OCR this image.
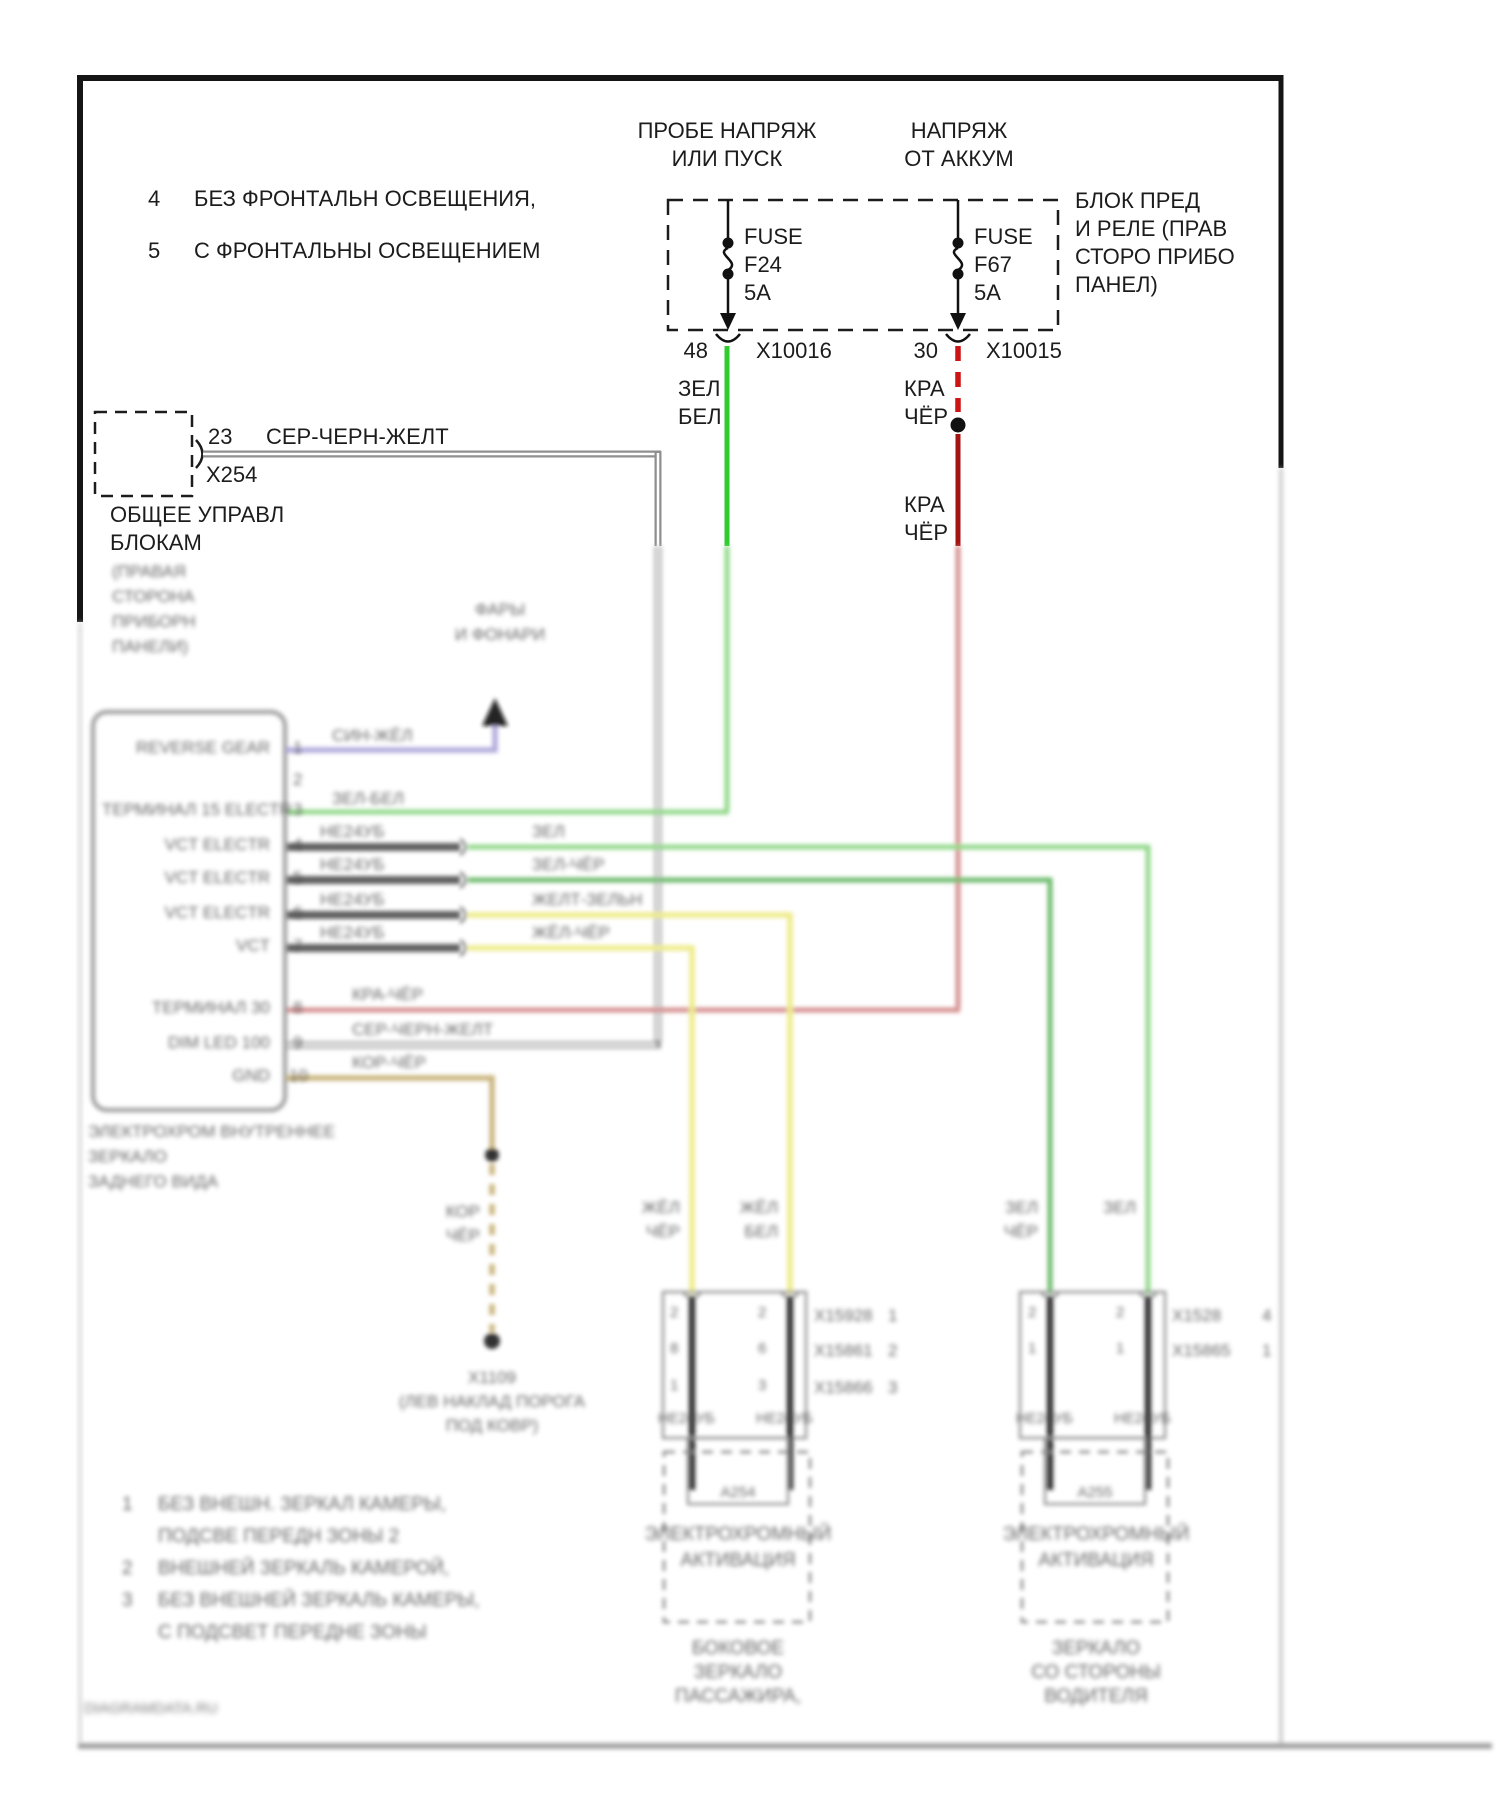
4 БЕЗ ФРОНТАЛЬН ОСВЕЩЕНИЯ,
5 С ФРОНТАЛЬНЫ ОСВЕЩЕНИЕМ
ПРОБЕ НАПРЯЖ
ИЛИ ПУСК
НАПРЯЖ
ОТ АККУМ
БЛОК ПРЕД
И РЕЛЕ (ПРАВ
СТОРО ПРИБО
ПАНЕЛ)
FUSE
F24
5A
FUSE
F67
5A
48 X10016	30 X10015
ЗЕЛ
БЕЛ
КРА
ЧЁР
КРА
ЧЁР
23 СЕР-ЧЕРН-ЖЕЛТ
X254
ОБЩЕЕ УПРАВЛ
БЛОКАМ
(ПРАВАЯ
СТОРОНА
ПРИБОРН
ПАНЕЛИ)
ФАРЫ
И ФОНАРИ
1
2
3
4
5
6
7
8
9
10
REVERSE GEAR
ТЕРМИНАЛ 15 ELECTR
VCT ELECTR
VCT ELECTR
VCT ELECTR
VCT
ТЕРМИНАЛ 30
DIM LED 100
GND
НЕ24УБ
НЕ24УБ
НЕ24УБ
НЕ24УБ
СИН-ЖЁЛ
ЗЕЛ-БЕЛ
ЗЕЛ
ЗЕЛ-ЧЁР
ЖЕЛТ-ЗЕЛЬН
ЖЁЛ-ЧЁР
КРА-ЧЁР
СЕР-ЧЕРН-ЖЕЛТ
КОР-ЧЁР
ЭЛЕКТРОХРОМ ВНУТРЕННЕЕ
ЗЕРКАЛО
ЗАДНЕГО ВИДА
КОР
ЧЁР
X1109
(ЛЕВ НАКЛАД ПОРОГА
ПОД КОВР)
ЖЁЛ
ЧЁР
ЖЁЛ
БЕЛ
ЗЕЛ
ЧЁР
ЗЕЛ
2
8
1
2
6
3
2
1
2
1
X15928 1
X15861 2
X15866 3
X1528 4
X15865 1
НЕ24УБ	НЕ24УБ	НЕ24УБ	НЕ24УБ
А254	А255
ЭЛЕКТРОХРОМНЫЙ
АКТИВАЦИЯ
ЭЛЕКТРОХРОМНЫЙ
АКТИВАЦИЯ
БОКОВОЕ
ЗЕРКАЛО
ПАССАЖИРА,
ЗЕРКАЛО
СО СТОРОНЫ
ВОДИТЕЛЯ
1 БЕЗ ВНЕШН. ЗЕРКАЛ КАМЕРЫ,
ПОДСВЕ ПЕРЕДН ЗОНЫ 2
2 ВНЕШНЕЙ ЗЕРКАЛЬ КАМЕРОЙ,
3 БЕЗ ВНЕШНЕЙ ЗЕРКАЛЬ КАМЕРЫ,
С ПОДСВЕТ ПЕРЕДНЕ ЗОНЫ
DIAGRAMDATA.RU
